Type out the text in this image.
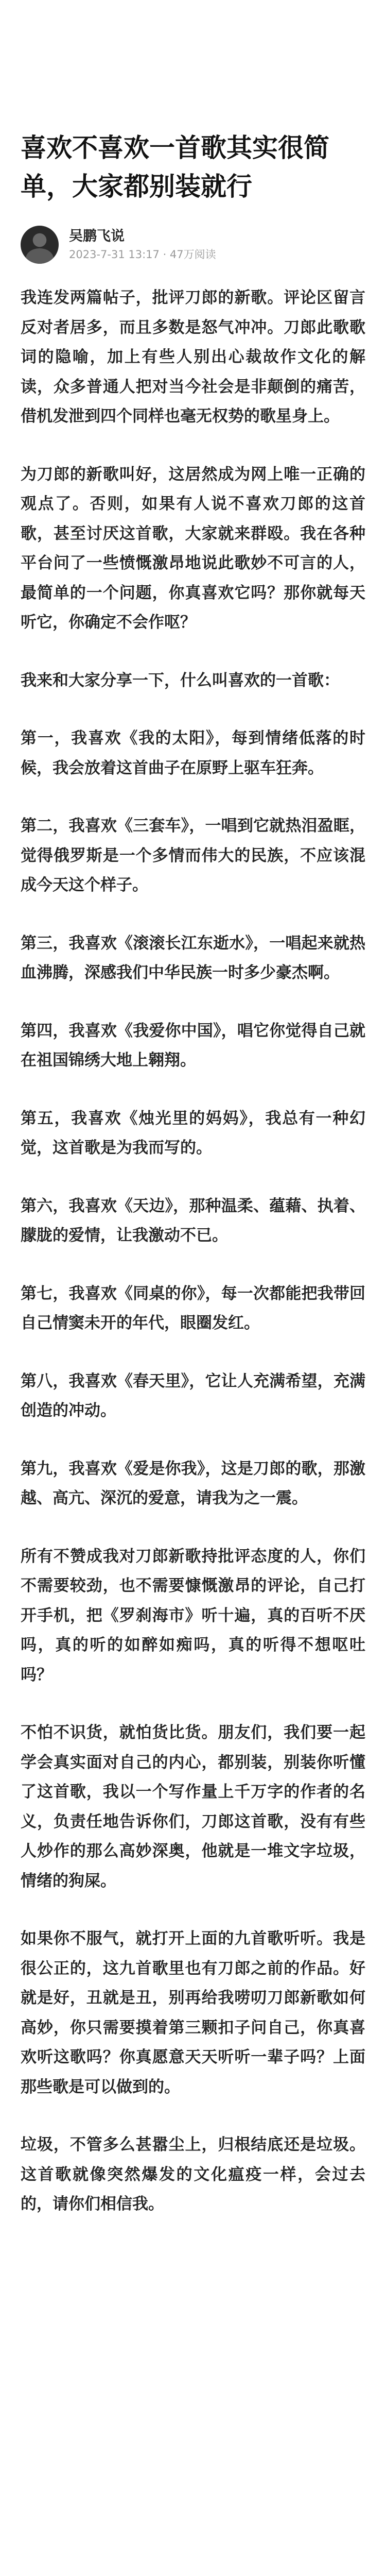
喜欢不喜欢一首歌其实很简单，大家都别装就行
吴鹏飞说
2023-7-31 13:17 · 47万阅读

我连发两篇帖子，批评刀郎的新歌。评论区留言反对者居多，而且多数是怒气冲冲。刀郎此歌歌词的隐喻，加上有些人别出心裁故作文化的解读，众多普通人把对当今社会是非颠倒的痛苦，借机发泄到四个同样也毫无权势的歌星身上。

为刀郎的新歌叫好，这居然成为网上唯一正确的观点了。否则，如果有人说不喜欢刀郎的这首歌，甚至讨厌这首歌，大家就来群殴。我在各种平台问了一些愤慨激昂地说此歌妙不可言的人，最简单的一个问题，你真喜欢它吗？那你就每天听它，你确定不会作呕？

我来和大家分享一下，什么叫喜欢的一首歌：

第一，我喜欢《我的太阳》，每到情绪低落的时候，我会放着这首曲子在原野上驱车狂奔。

第二，我喜欢《三套车》，一唱到它就热泪盈眶，觉得俄罗斯是一个多情而伟大的民族，不应该混成今天这个样子。

第三，我喜欢《滚滚长江东逝水》，一唱起来就热血沸腾，深感我们中华民族一时多少豪杰啊。

第四，我喜欢《我爱你中国》，唱它你觉得自己就在祖国锦绣大地上翱翔。

第五，我喜欢《烛光里的妈妈》，我总有一种幻觉，这首歌是为我而写的。

第六，我喜欢《天边》，那种温柔、蕴藉、执着、朦胧的爱情，让我激动不已。

第七，我喜欢《同桌的你》，每一次都能把我带回自己情窦未开的年代，眼圈发红。

第八，我喜欢《春天里》，它让人充满希望，充满创造的冲动。

第九，我喜欢《爱是你我》，这是刀郎的歌，那激越、高亢、深沉的爱意，请我为之一震。

所有不赞成我对刀郎新歌持批评态度的人，你们不需要较劲，也不需要慷慨激昂的评论，自己打开手机，把《罗刹海市》听十遍，真的百听不厌吗，真的听的如醉如痴吗，真的听得不想呕吐吗？

不怕不识货，就怕货比货。朋友们，我们要一起学会真实面对自己的内心，都别装，别装你听懂了这首歌，我以一个写作量上千万字的作者的名义，负责任地告诉你们，刀郎这首歌，没有有些人炒作的那么高妙深奥，他就是一堆文字垃圾，情绪的狗屎。

如果你不服气，就打开上面的九首歌听听。我是很公正的，这九首歌里也有刀郎之前的作品。好就是好，丑就是丑，别再给我唠叨刀郎新歌如何高妙，你只需要摸着第三颗扣子问自己，你真喜欢听这歌吗？你真愿意天天听听一辈子吗？上面那些歌是可以做到的。

垃圾，不管多么甚嚣尘上，归根结底还是垃圾。这首歌就像突然爆发的文化瘟疫一样，会过去的，请你们相信我。
